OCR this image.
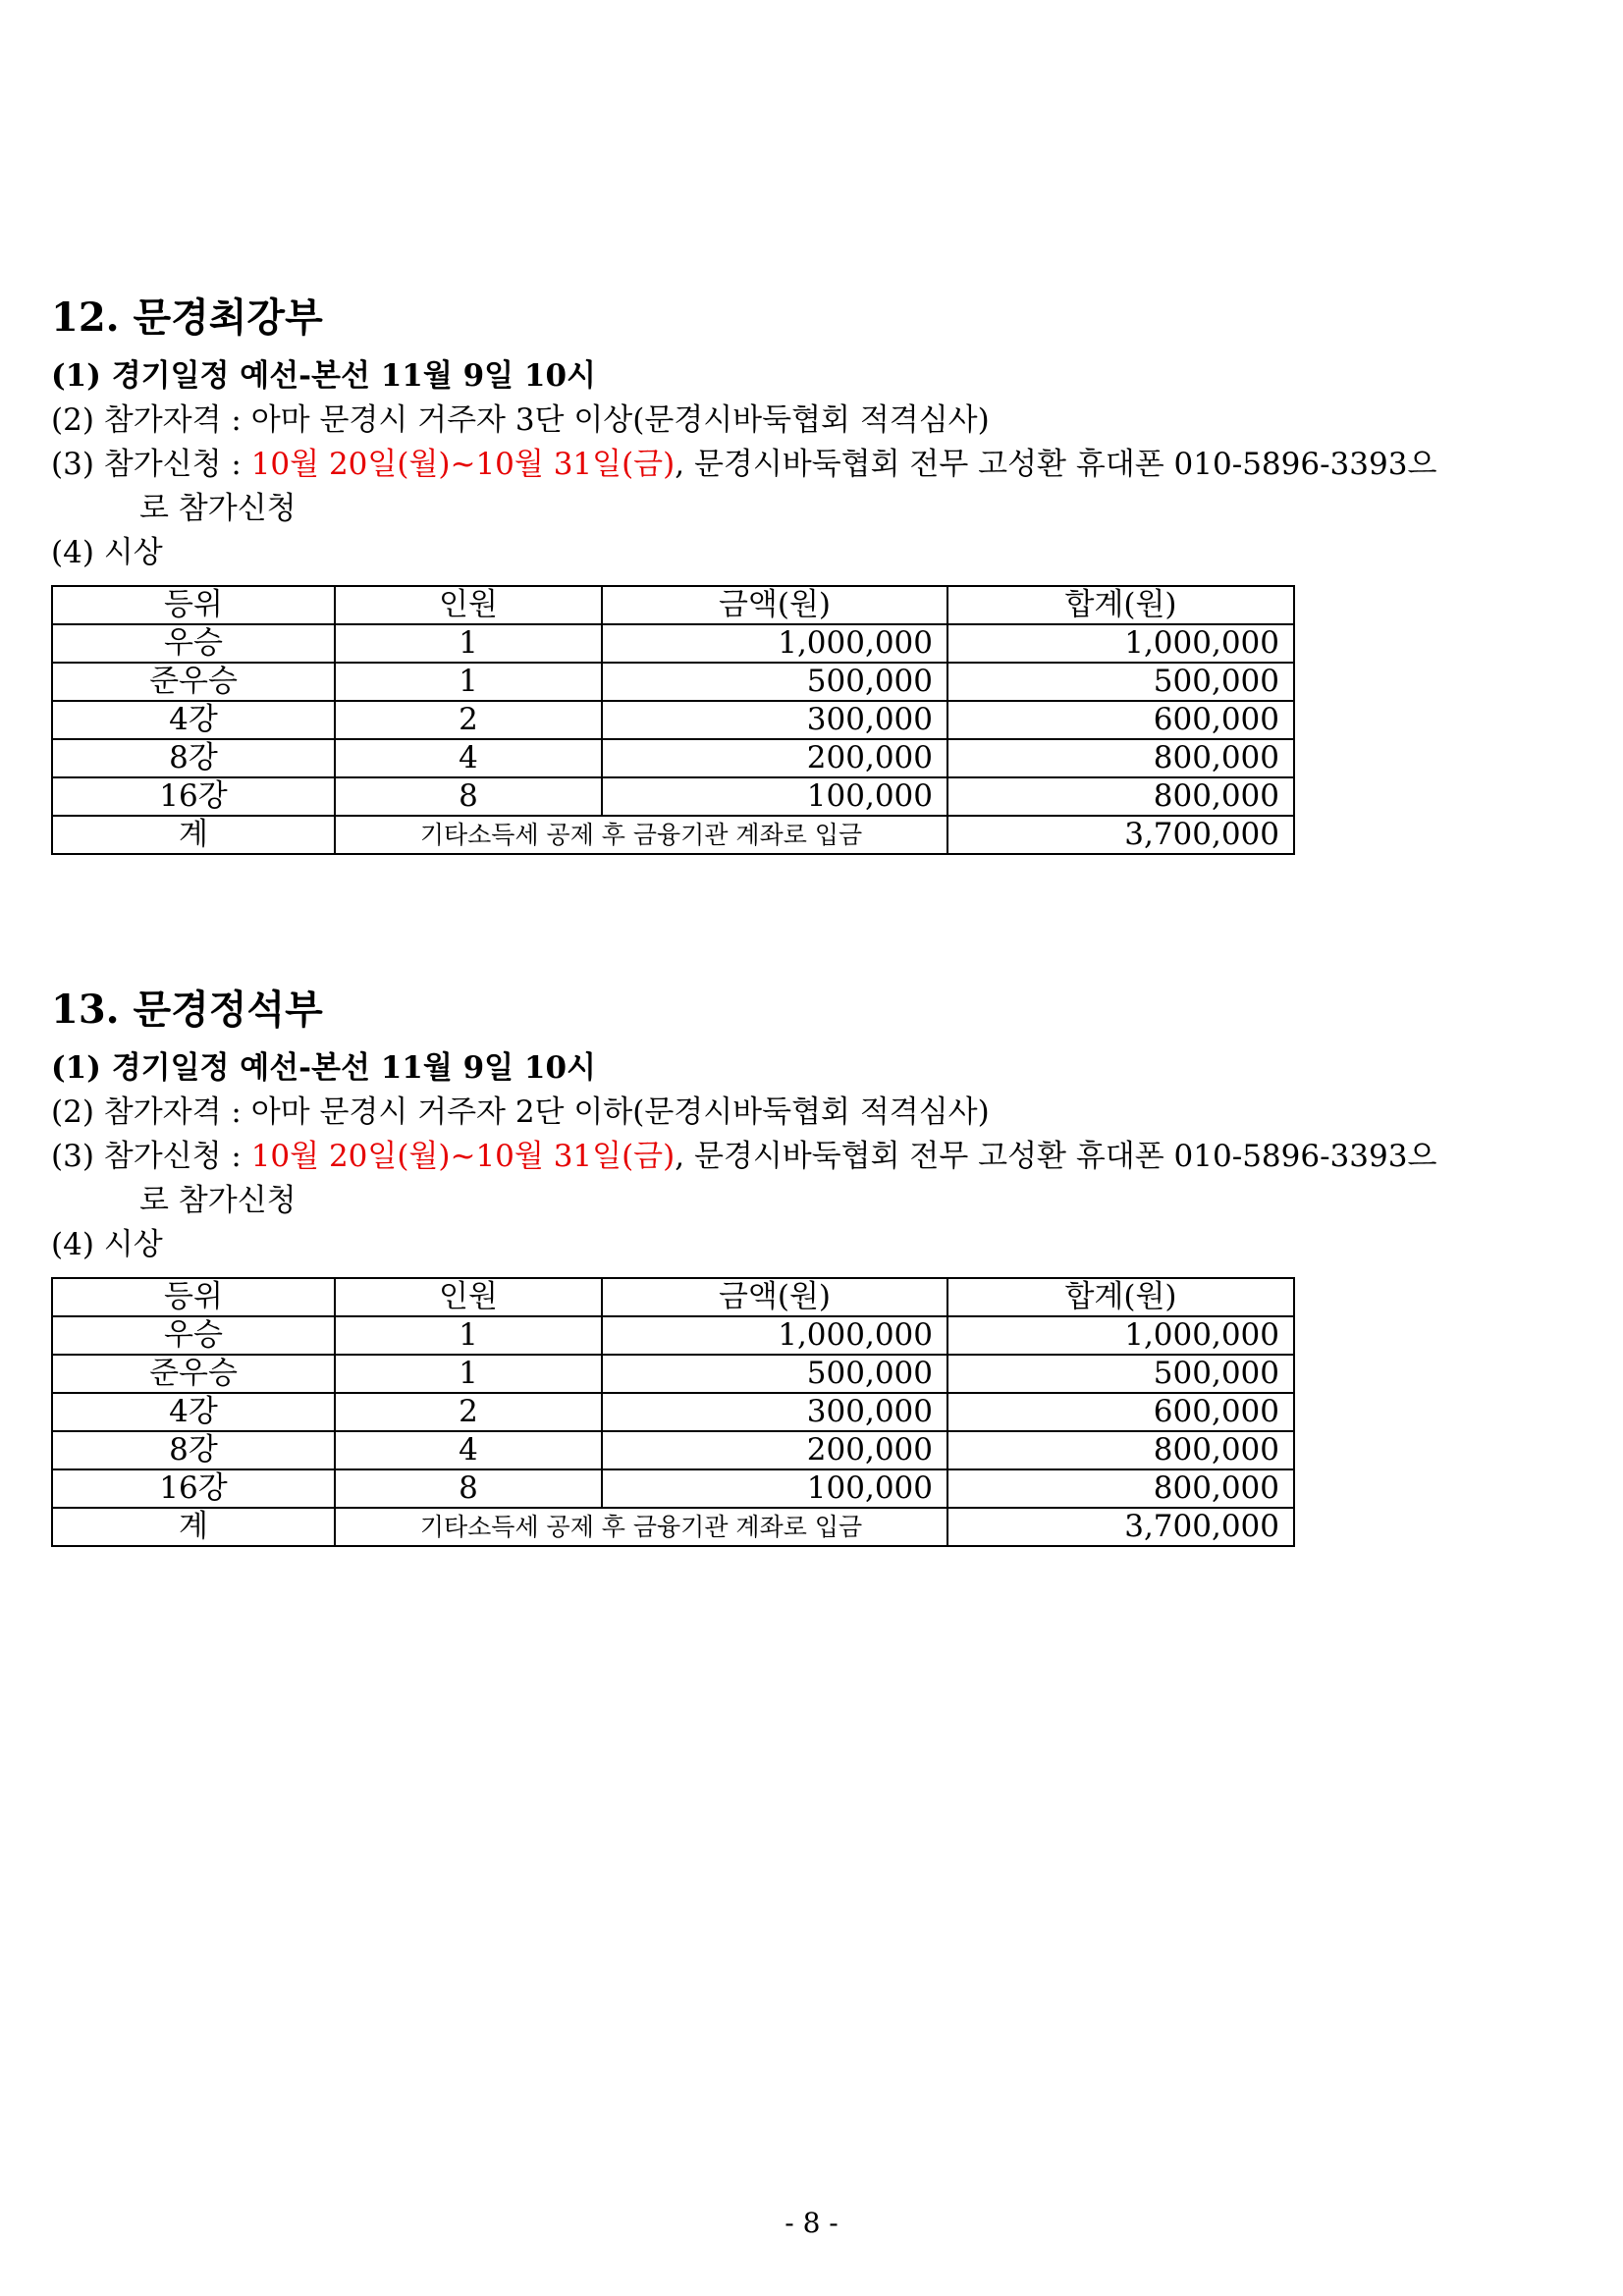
12. 문경최강부
(1) 경기일정 예선-본선 11월 9일 10시
(2) 참가자격 : 아마 문경시 거주자 3단 이상(문경시바둑협회 적격심사)
(3) 참가신청 : 10월 20일(월)~10월 31일(금), 문경시바둑협회 전무 고성환 휴대폰 010-5896-3393으
로 참가신청
(4) 시상
등위	인원	금액(원)	합계(원)
우승	1	1,000,000	1,000,000
준우승	1	500,000	500,000
4강	2	300,000	600,000
8강	4	200,000	800,000
16강	8	100,000	800,000
계	기타소득세 공제 후 금융기관 계좌로 입금		3,700,000
13. 문경정석부
(1) 경기일정 예선-본선 11월 9일 10시
(2) 참가자격 : 아마 문경시 거주자 2단 이하(문경시바둑협회 적격심사)
(3) 참가신청 : 10월 20일(월)~10월 31일(금), 문경시바둑협회 전무 고성환 휴대폰 010-5896-3393으
로 참가신청
(4) 시상
등위	인원	금액(원)	합계(원)
우승	1	1,000,000	1,000,000
준우승	1	500,000	500,000
4강	2	300,000	600,000
8강	4	200,000	800,000
16강	8	100,000	800,000
계	기타소득세 공제 후 금융기관 계좌로 입금		3,700,000
- 8 -
